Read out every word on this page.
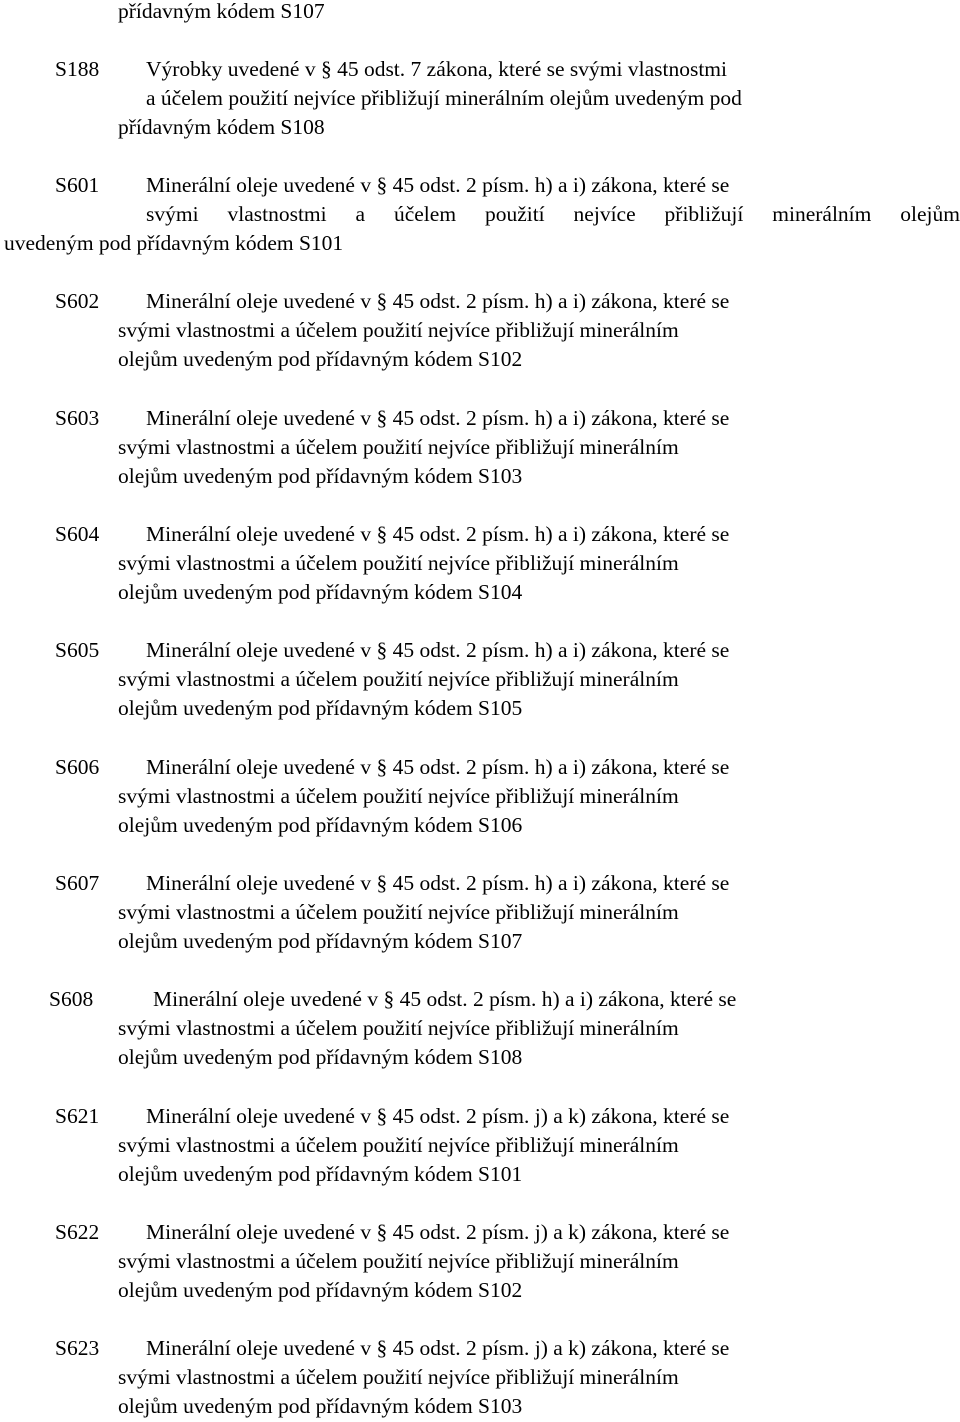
přídavným kódem S107
S188 Výrobky uvedené v § 45 odst. 7 zákona, které se svými vlastnostmi
a účelem použití nejvíce přibližují minerálním olejům uvedeným pod
přídavným kódem S108
S601 Minerální oleje uvedené v § 45 odst. 2 písm. h) a i) zákona, které se
svými vlastnostmi a účelem použití nejvíce přibližují minerálním olejům
uvedeným pod přídavným kódem S101
S602 Minerální oleje uvedené v § 45 odst. 2 písm. h) a i) zákona, které se
svými vlastnostmi a účelem použití nejvíce přibližují minerálním
olejům uvedeným pod přídavným kódem S102
S603 Minerální oleje uvedené v § 45 odst. 2 písm. h) a i) zákona, které se
svými vlastnostmi a účelem použití nejvíce přibližují minerálním
olejům uvedeným pod přídavným kódem S103
S604 Minerální oleje uvedené v § 45 odst. 2 písm. h) a i) zákona, které se
svými vlastnostmi a účelem použití nejvíce přibližují minerálním
olejům uvedeným pod přídavným kódem S104
S605 Minerální oleje uvedené v § 45 odst. 2 písm. h) a i) zákona, které se
svými vlastnostmi a účelem použití nejvíce přibližují minerálním
olejům uvedeným pod přídavným kódem S105
S606 Minerální oleje uvedené v § 45 odst. 2 písm. h) a i) zákona, které se
svými vlastnostmi a účelem použití nejvíce přibližují minerálním
olejům uvedeným pod přídavným kódem S106
S607 Minerální oleje uvedené v § 45 odst. 2 písm. h) a i) zákona, které se
svými vlastnostmi a účelem použití nejvíce přibližují minerálním
olejům uvedeným pod přídavným kódem S107
S608	Minerální oleje uvedené v § 45 odst. 2 písm. h) a i) zákona, které se
svými vlastnostmi a účelem použití nejvíce přibližují minerálním
olejům uvedeným pod přídavným kódem S108
S621 Minerální oleje uvedené v § 45 odst. 2 písm. j) a k) zákona, které se
svými vlastnostmi a účelem použití nejvíce přibližují minerálním
olejům uvedeným pod přídavným kódem S101
S622 Minerální oleje uvedené v § 45 odst. 2 písm. j) a k) zákona, které se
svými vlastnostmi a účelem použití nejvíce přibližují minerálním
olejům uvedeným pod přídavným kódem S102
S623 Minerální oleje uvedené v § 45 odst. 2 písm. j) a k) zákona, které se
svými vlastnostmi a účelem použití nejvíce přibližují minerálním
olejům uvedeným pod přídavným kódem S103
